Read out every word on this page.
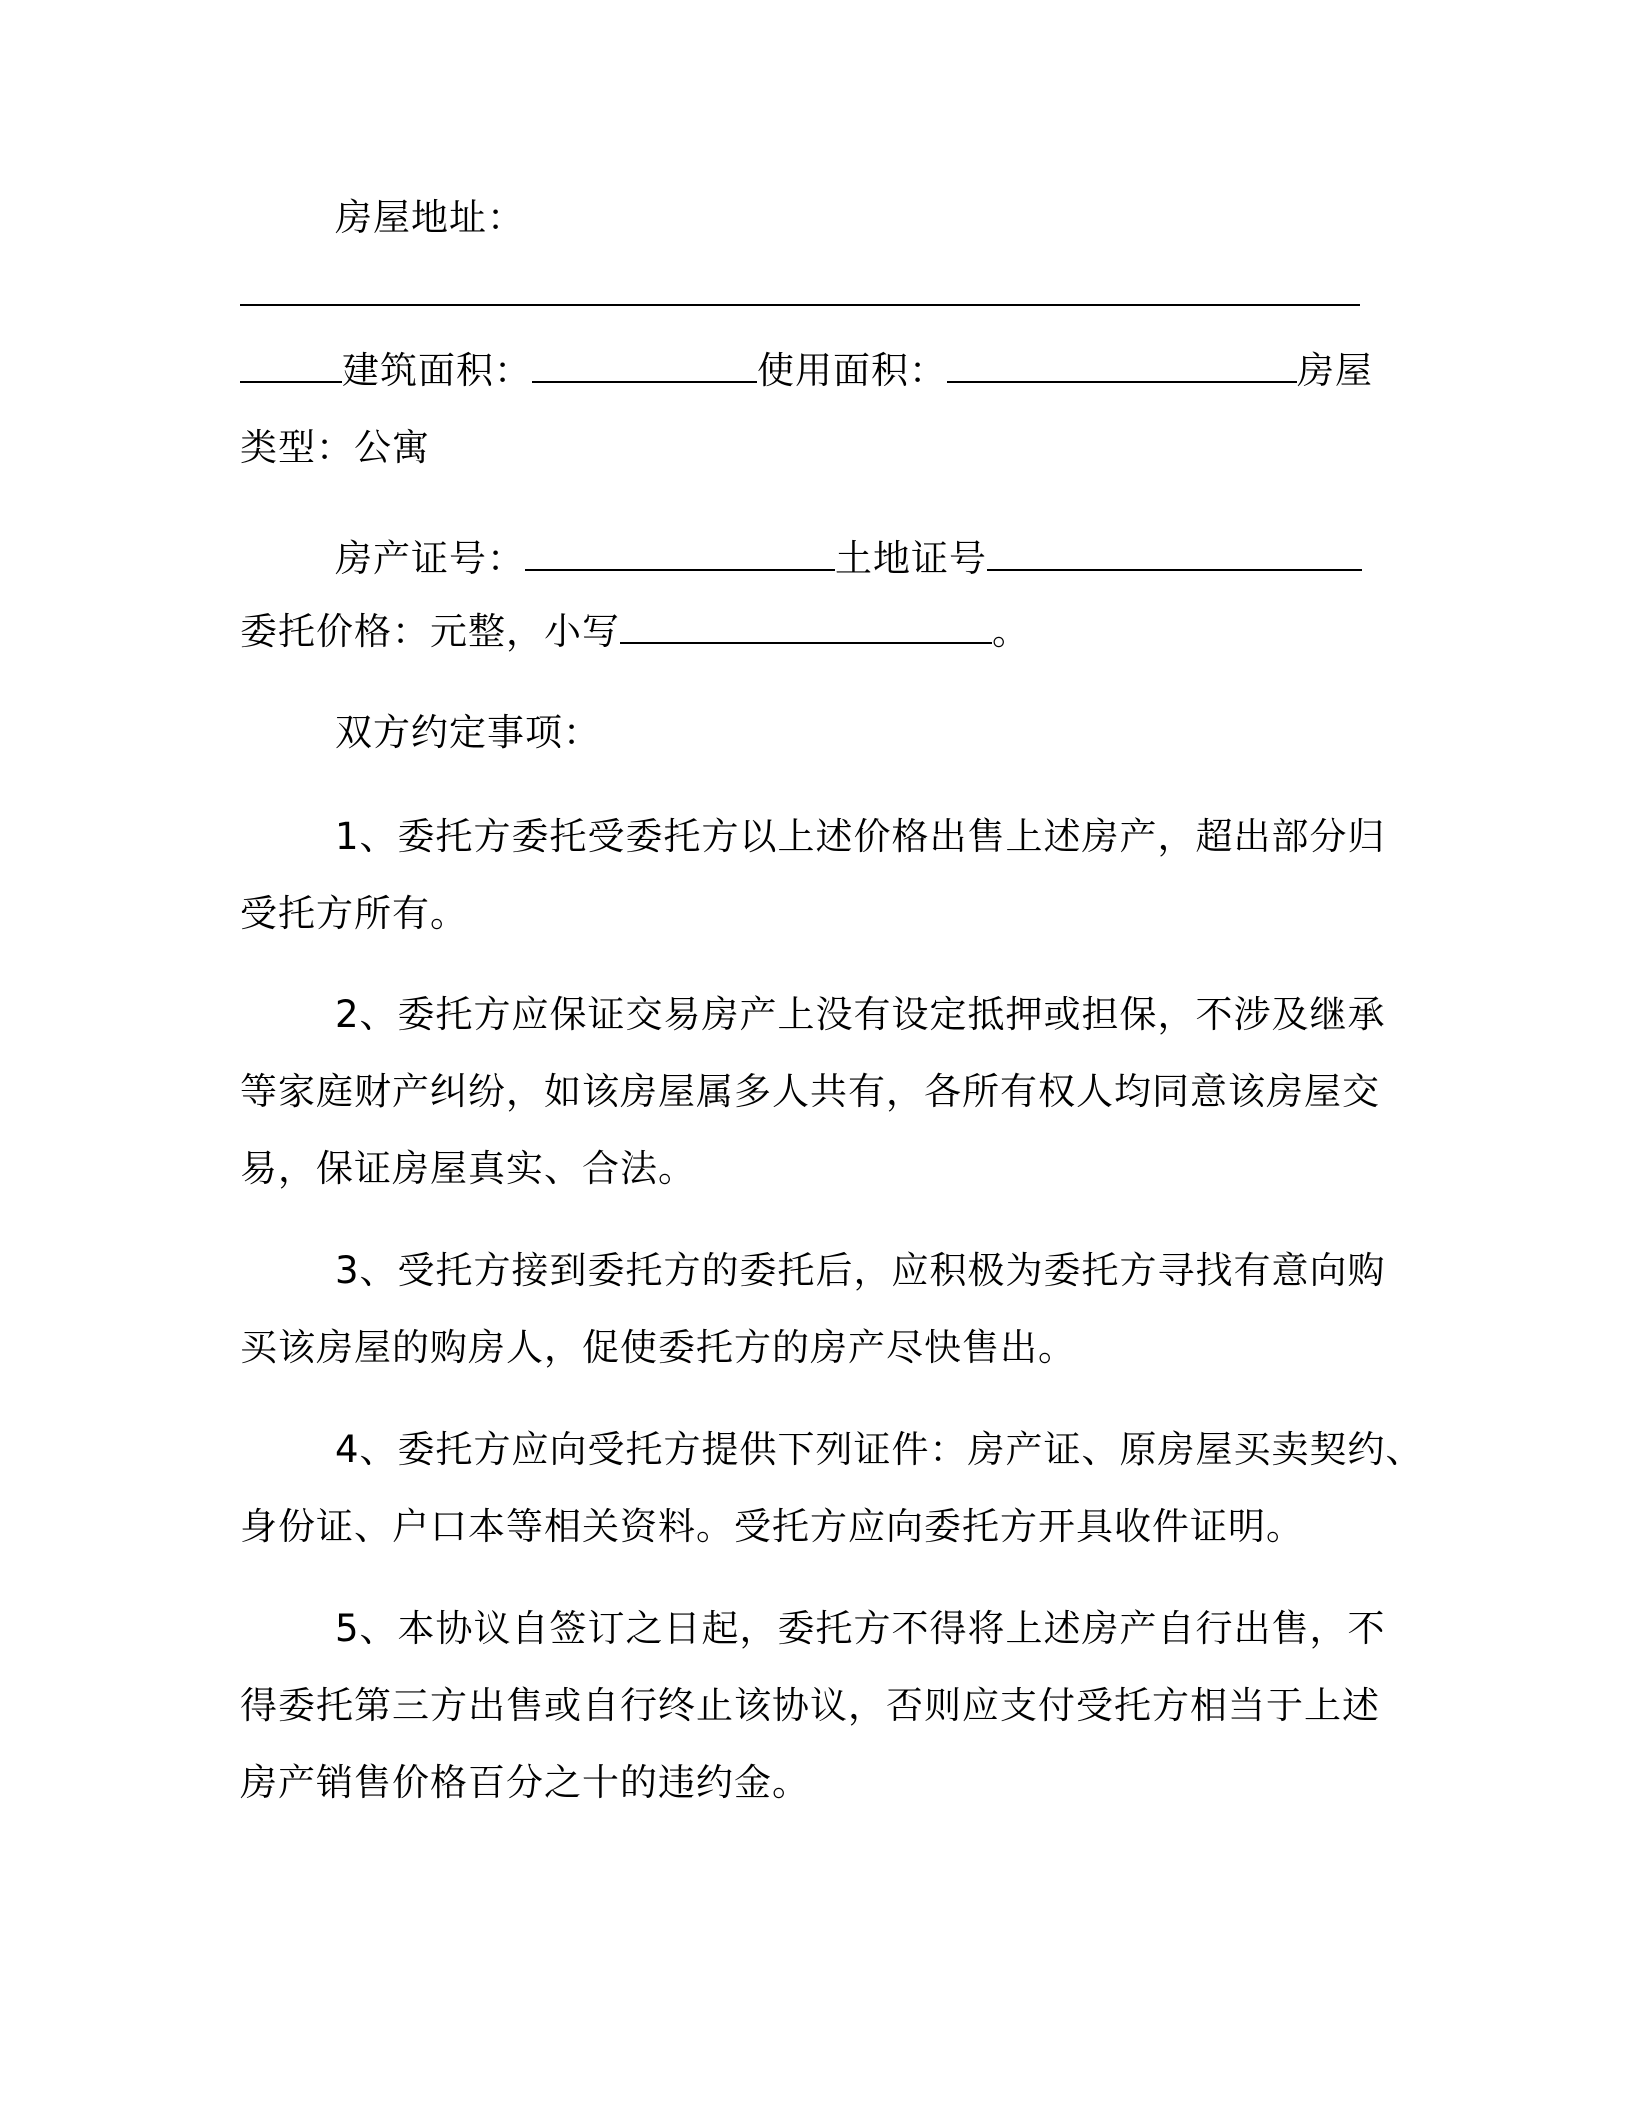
房屋地址：
建筑面积：	使用面积：	房屋
类型：公寓
房产证号：	土地证号
委托价格：元整，小写	。
双方约定事项：
1、委托方委托受委托方以上述价格出售上述房产，超出部分归
受托方所有。
2、委托方应保证交易房产上没有设定抵押或担保，不涉及继承
等家庭财产纠纷，如该房屋属多人共有，各所有权人均同意该房屋交
易，保证房屋真实、合法。
3、受托方接到委托方的委托后，应积极为委托方寻找有意向购
买该房屋的购房人，促使委托方的房产尽快售出。
4、委托方应向受托方提供下列证件：房产证、原房屋买卖契约、
身份证、户口本等相关资料。受托方应向委托方开具收件证明。
5、本协议自签订之日起，委托方不得将上述房产自行出售，不
得委托第三方出售或自行终止该协议，否则应支付受托方相当于上述
房产销售价格百分之十的违约金。
